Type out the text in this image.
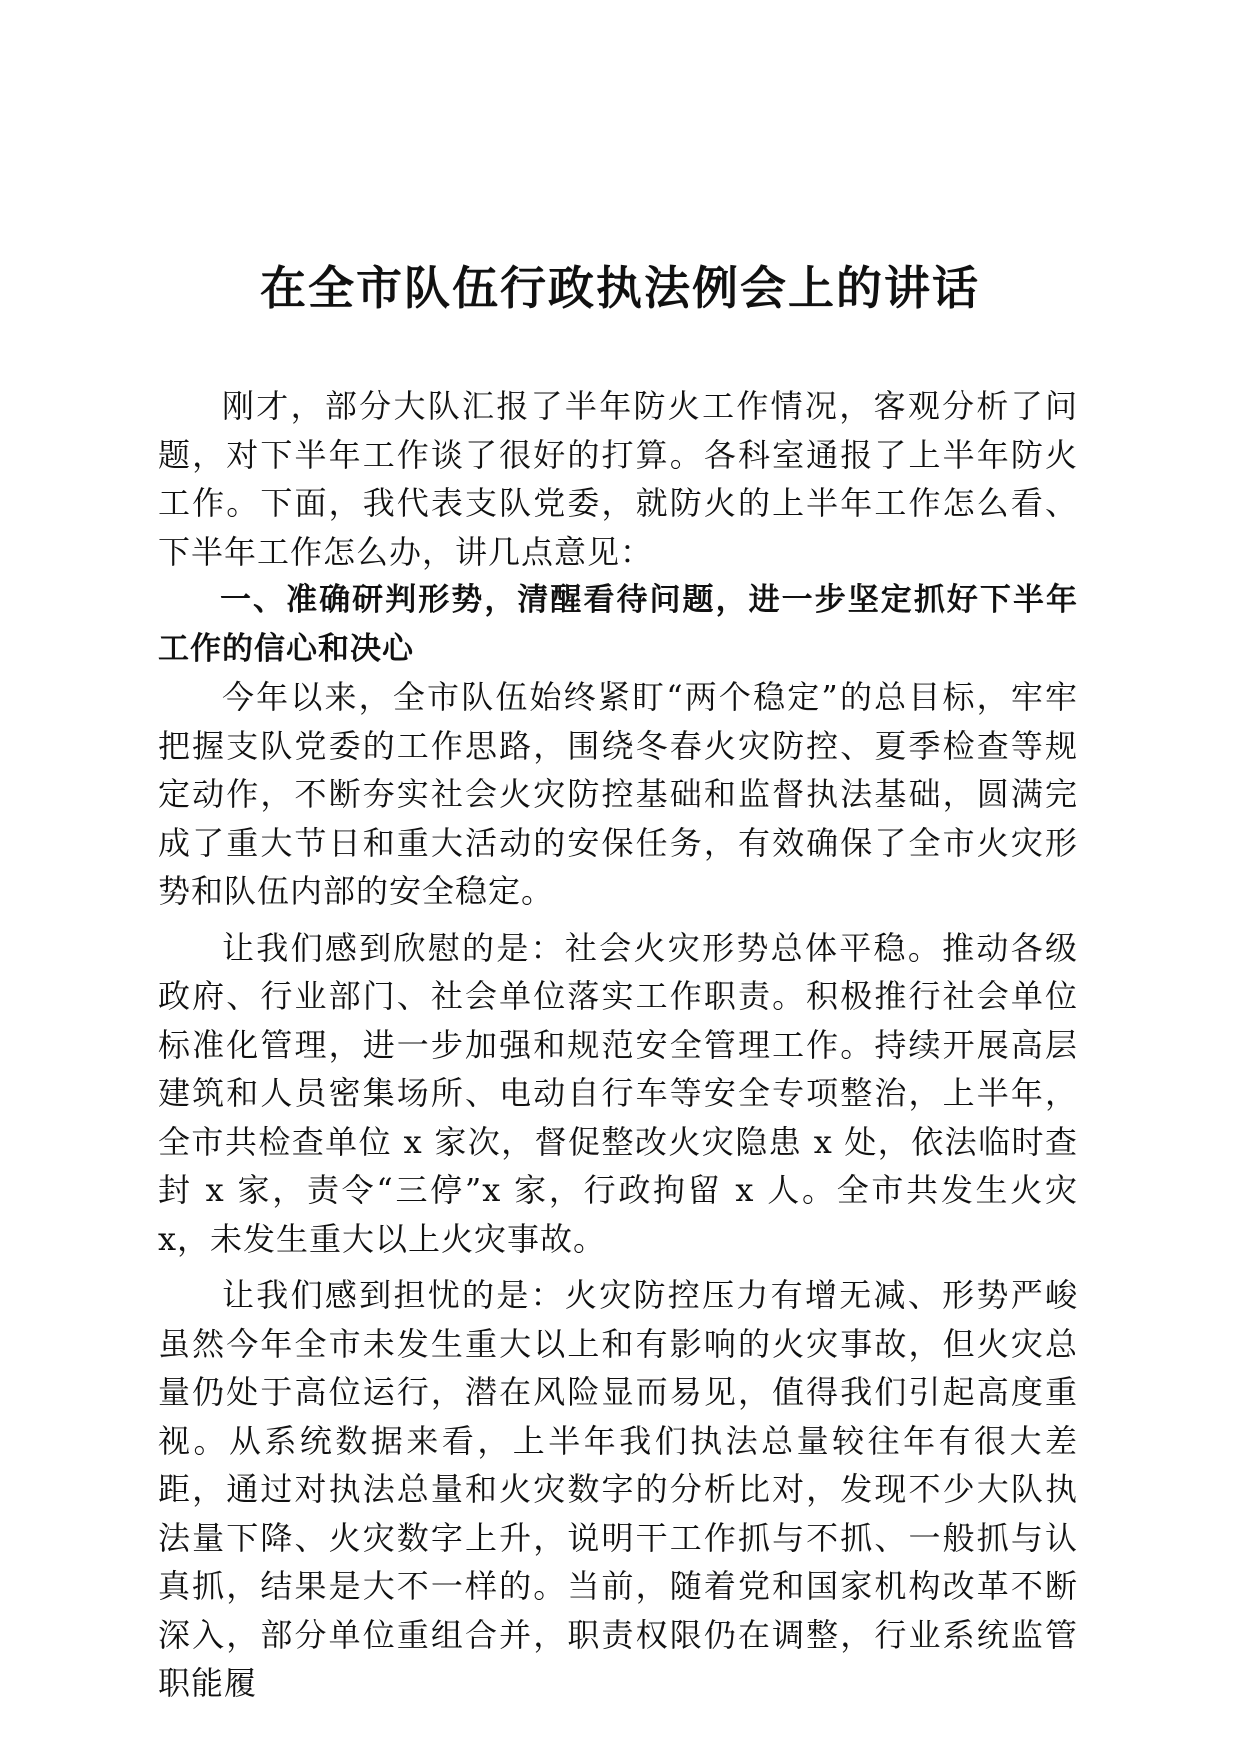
在全市队伍行政执法例会上的讲话

刚才，部分大队汇报了半年防火工作情况，客观分析了问题，对下半年工作谈了很好的打算。各科室通报了上半年防火工作。下面，我代表支队党委，就防火的上半年工作怎么看、下半年工作怎么办，讲几点意见：

一、准确研判形势，清醒看待问题，进一步坚定抓好下半年工作的信心和决心

今年以来，全市队伍始终紧盯“两个稳定”的总目标，牢牢把握支队党委的工作思路，围绕冬春火灾防控、夏季检查等规定动作，不断夯实社会火灾防控基础和监督执法基础，圆满完成了重大节日和重大活动的安保任务，有效确保了全市火灾形势和队伍内部的安全稳定。

让我们感到欣慰的是：社会火灾形势总体平稳。推动各级政府、行业部门、社会单位落实工作职责。积极推行社会单位标准化管理，进一步加强和规范安全管理工作。持续开展高层建筑和人员密集场所、电动自行车等安全专项整治，上半年，全市共检查单位 x 家次，督促整改火灾隐患 x 处，依法临时查封 x 家，责令“三停”x 家，行政拘留 x 人。全市共发生火灾 x，未发生重大以上火灾事故。

让我们感到担忧的是：火灾防控压力有增无减、形势严峻虽然今年全市未发生重大以上和有影响的火灾事故，但火灾总量仍处于高位运行，潜在风险显而易见，值得我们引起高度重视。从系统数据来看，上半年我们执法总量较往年有很大差距，通过对执法总量和火灾数字的分析比对，发现不少大队执法量下降、火灾数字上升，说明干工作抓与不抓、一般抓与认真抓，结果是大不一样的。当前，随着党和国家机构改革不断深入，部分单位重组合并，职责权限仍在调整，行业系统监管职能履
